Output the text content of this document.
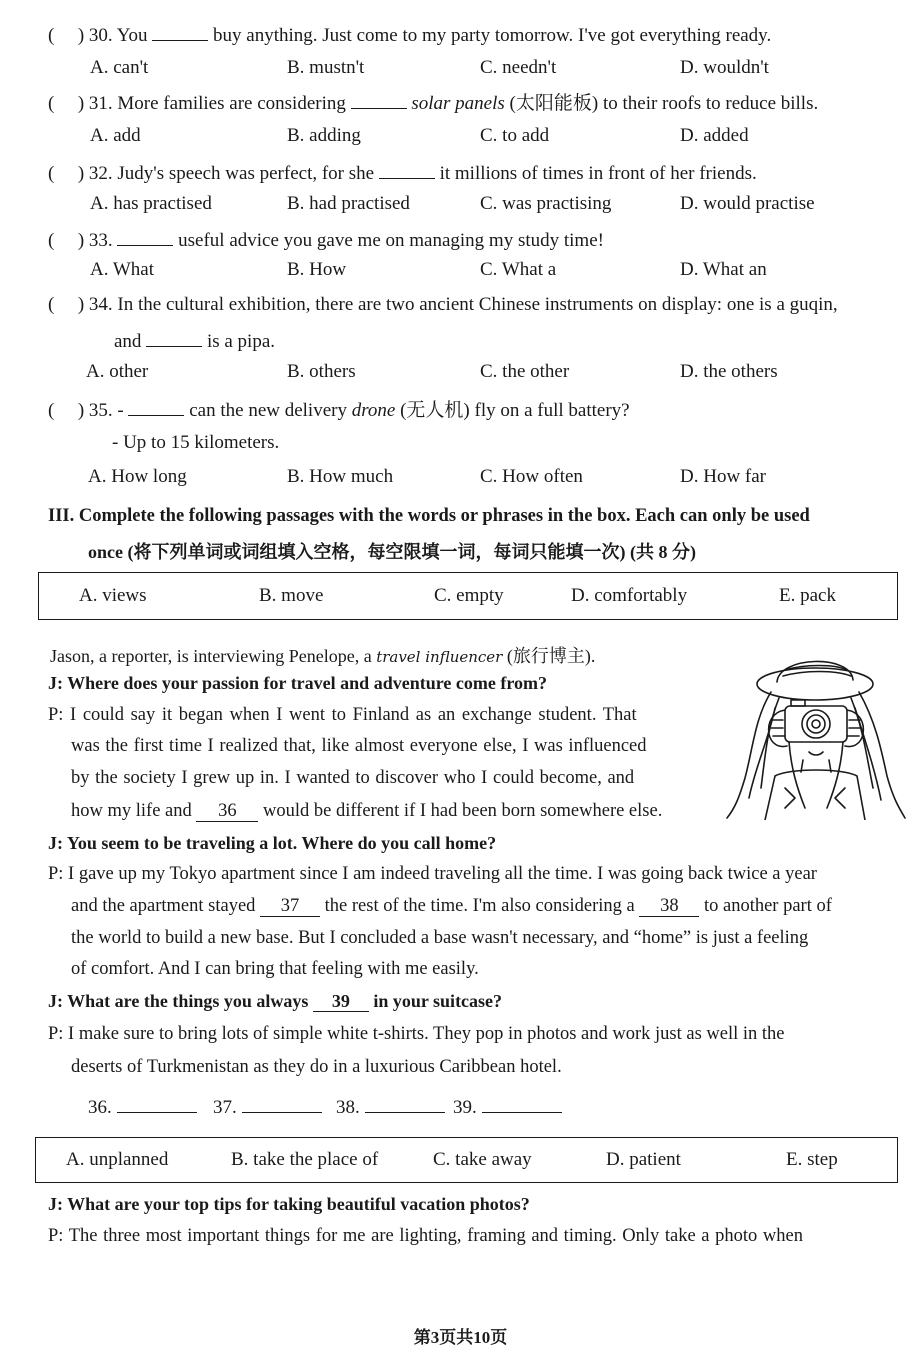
( ) 30. You	buy anything. Just come to my party tomorrow. I've got everything ready.
A. can't	B. mustn't	C. needn't	D. wouldn't
( ) 31. More families are considering	solar panels (太阳能板) to their roofs to reduce bills.
A. add	B. adding	C. to add	D. added
( ) 32. Judy's speech was perfect, for she	it millions of times in front of her friends.
A. has practised	B. had practised	C. was practising	D. would practise
( ) 33.	useful advice you gave me on managing my study time!
A. What	B. How	C. What a	D. What an
( ) 34. In the cultural exhibition, there are two ancient Chinese instruments on display: one is a guqin,
and	is a pipa.
A. other	B. others	C. the other	D. the others
( ) 35. -	can the new delivery drone (无人机) fly on a full battery?
- Up to 15 kilometers.
A. How long	B. How much	C. How often	D. How far
III. Complete the following passages with the words or phrases in the box. Each can only be used
once (将下列单词或词组填入空格，每空限填一词，每词只能填一次) (共 8 分)
A. views	B. move	C. empty	D. comfortably	E. pack
Jason, a reporter, is interviewing Penelope, a travel influencer (旅行博主).
J: Where does your passion for travel and adventure come from?
P: I could say it began when I went to Finland as an exchange student. That
was the first time I realized that, like almost everyone else, I was influenced
by the society I grew up in. I wanted to discover who I could become, and
how my life and 36 would be different if I had been born somewhere else.
J: You seem to be traveling a lot. Where do you call home?
P: I gave up my Tokyo apartment since I am indeed traveling all the time. I was going back twice a year
and the apartment stayed 37 the rest of the time. I'm also considering a 38 to another part of
the world to build a new base. But I concluded a base wasn't necessary, and “home” is just a feeling
of comfort. And I can bring that feeling with me easily.
J: What are the things you always 39 in your suitcase?
P: I make sure to bring lots of simple white t-shirts. They pop in photos and work just as well in the
deserts of Turkmenistan as they do in a luxurious Caribbean hotel.
36.	37.	38.	39.
A. unplanned	B. take the place of	C. take away	D. patient	E. step
J: What are your top tips for taking beautiful vacation photos?
P: The three most important things for me are lighting, framing and timing. Only take a photo when
第3页共10页
